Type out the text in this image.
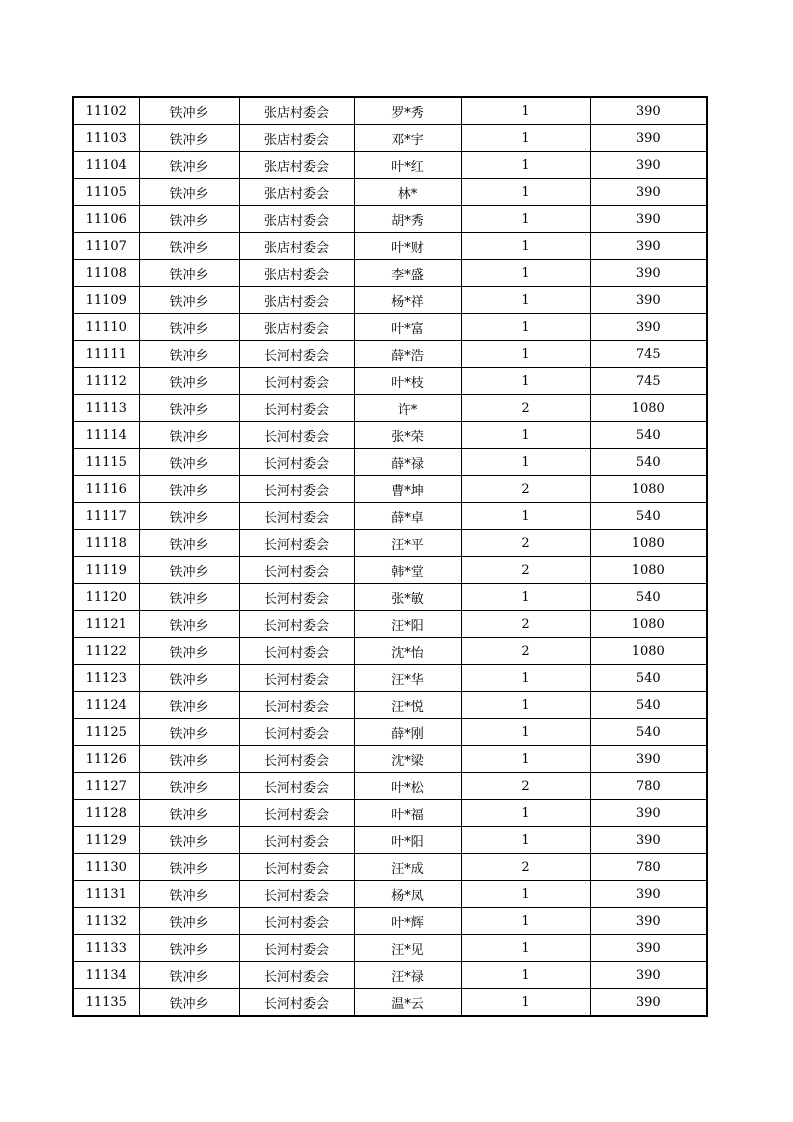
11102	铁冲乡	张店村委会	罗*秀	1	390
11103	铁冲乡	张店村委会	邓*宇	1	390
11104	铁冲乡	张店村委会	叶*红	1	390
11105	铁冲乡	张店村委会	林*	1	390
11106	铁冲乡	张店村委会	胡*秀	1	390
11107	铁冲乡	张店村委会	叶*财	1	390
11108	铁冲乡	张店村委会	李*盛	1	390
11109	铁冲乡	张店村委会	杨*祥	1	390
11110	铁冲乡	张店村委会	叶*富	1	390
11111	铁冲乡	长河村委会	薛*浩	1	745
11112	铁冲乡	长河村委会	叶*枝	1	745
11113	铁冲乡	长河村委会	许*	2	1080
11114	铁冲乡	长河村委会	张*荣	1	540
11115	铁冲乡	长河村委会	薛*禄	1	540
11116	铁冲乡	长河村委会	曹*坤	2	1080
11117	铁冲乡	长河村委会	薛*卓	1	540
11118	铁冲乡	长河村委会	汪*平	2	1080
11119	铁冲乡	长河村委会	韩*堂	2	1080
11120	铁冲乡	长河村委会	张*敏	1	540
11121	铁冲乡	长河村委会	汪*阳	2	1080
11122	铁冲乡	长河村委会	沈*怡	2	1080
11123	铁冲乡	长河村委会	汪*华	1	540
11124	铁冲乡	长河村委会	汪*悦	1	540
11125	铁冲乡	长河村委会	薛*刚	1	540
11126	铁冲乡	长河村委会	沈*梁	1	390
11127	铁冲乡	长河村委会	叶*松	2	780
11128	铁冲乡	长河村委会	叶*福	1	390
11129	铁冲乡	长河村委会	叶*阳	1	390
11130	铁冲乡	长河村委会	汪*成	2	780
11131	铁冲乡	长河村委会	杨*凤	1	390
11132	铁冲乡	长河村委会	叶*辉	1	390
11133	铁冲乡	长河村委会	汪*见	1	390
11134	铁冲乡	长河村委会	汪*禄	1	390
11135	铁冲乡	长河村委会	温*云	1	390
